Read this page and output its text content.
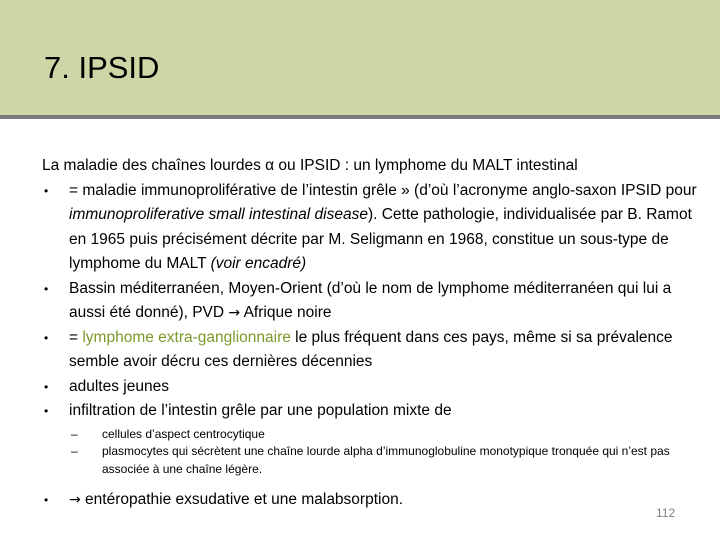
7. IPSID
La maladie des chaînes lourdes α ou IPSID : un lymphome du MALT intestinal
• = maladie immunoproliférative de l’intestin grêle » (d’où l’acronyme anglo-saxon IPSID pour immunoproliferative small intestinal disease). Cette pathologie, individualisée par B. Ramot en 1965 puis précisément décrite par M. Seligmann en 1968, constitue un sous-type de lymphome du MALT (voir encadré)
• Bassin méditerranéen, Moyen-Orient (d’où le nom de lymphome méditerranéen qui lui a aussi été donné), PVD → Afrique noire
• = lymphome extra-ganglionnaire le plus fréquent dans ces pays, même si sa prévalence semble avoir décru ces dernières décennies
• adultes jeunes
• infiltration de l’intestin grêle par une population mixte de
– cellules d’aspect centrocytique
– plasmocytes qui sécrètent une chaîne lourde alpha d’immunoglobuline monotypique tronquée qui n’est pas associée à une chaîne légère.
• → entéropathie exsudative et une malabsorption.
112
